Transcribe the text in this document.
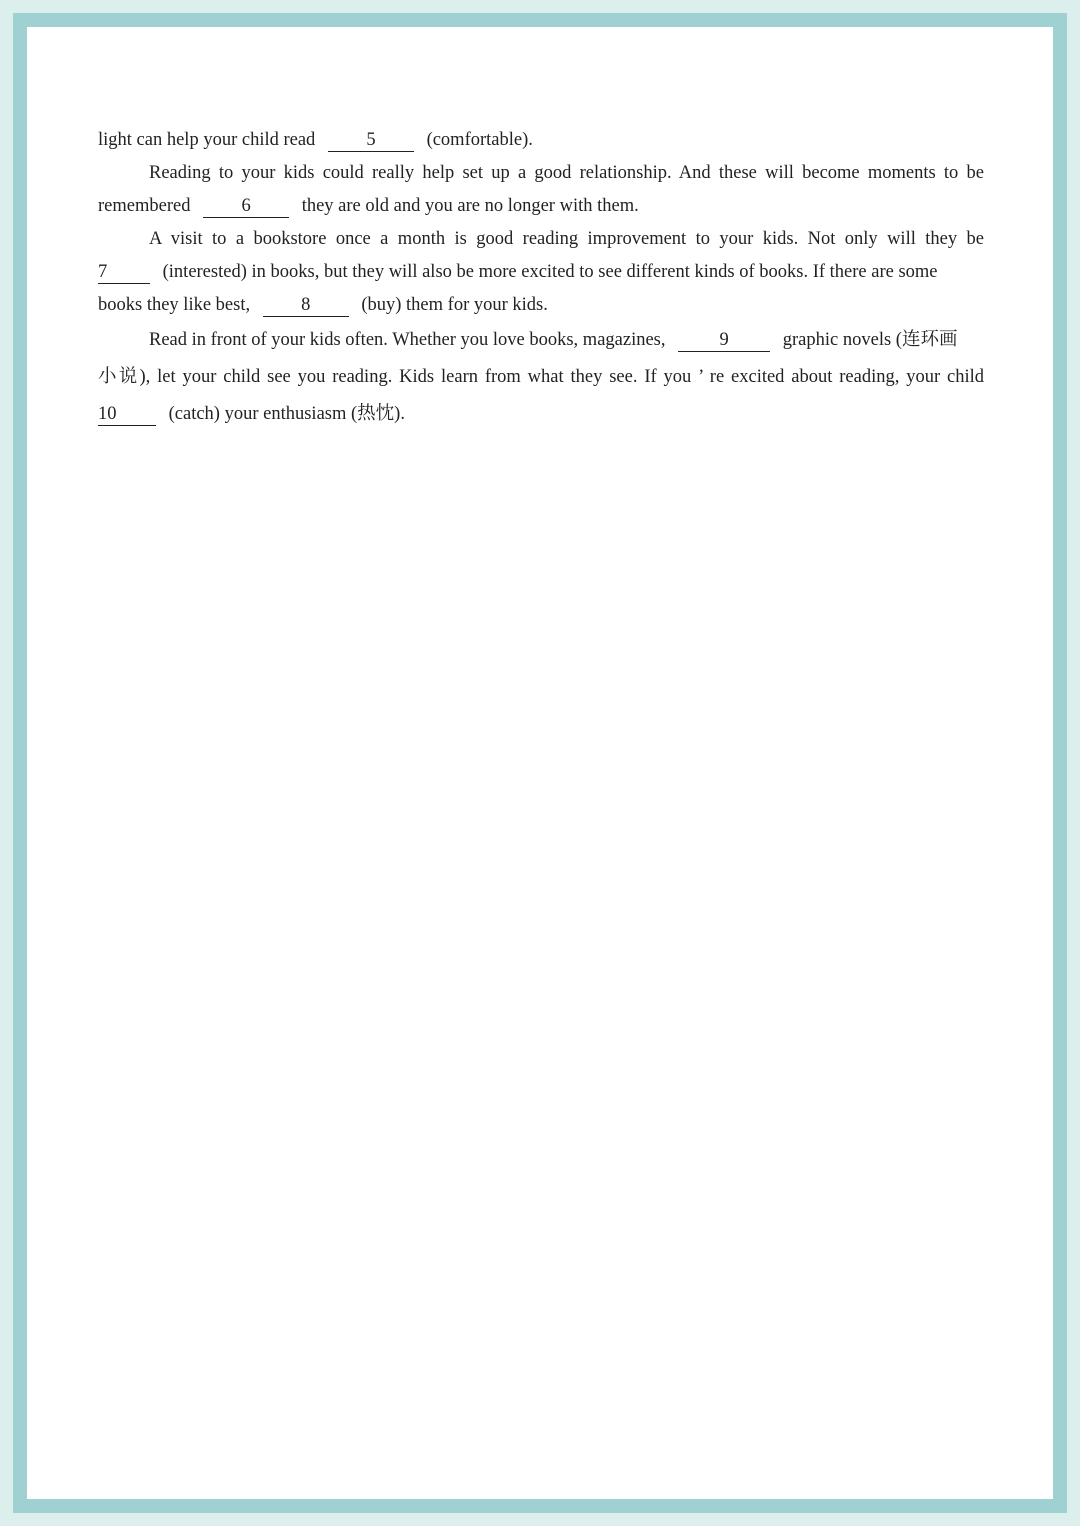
light can help your child read	5	(comfortable).
Reading to your kids could really help set up a good relationship. And these will become moments to be
remembered	6	they are old and you are no longer with them.
A visit to a bookstore once a month is good reading improvement to your kids. Not only will they be
7	(interested) in books, but they will also be more excited to see different kinds of books. If there are some
books they like best,	8	(buy) them for your kids.
Read in front of your kids often. Whether you love books, magazines,	9	graphic novels (连环画
小说), let your child see you reading. Kids learn from what they see. If you ’ re excited about reading, your child
10	(catch) your enthusiasm (热忱).
